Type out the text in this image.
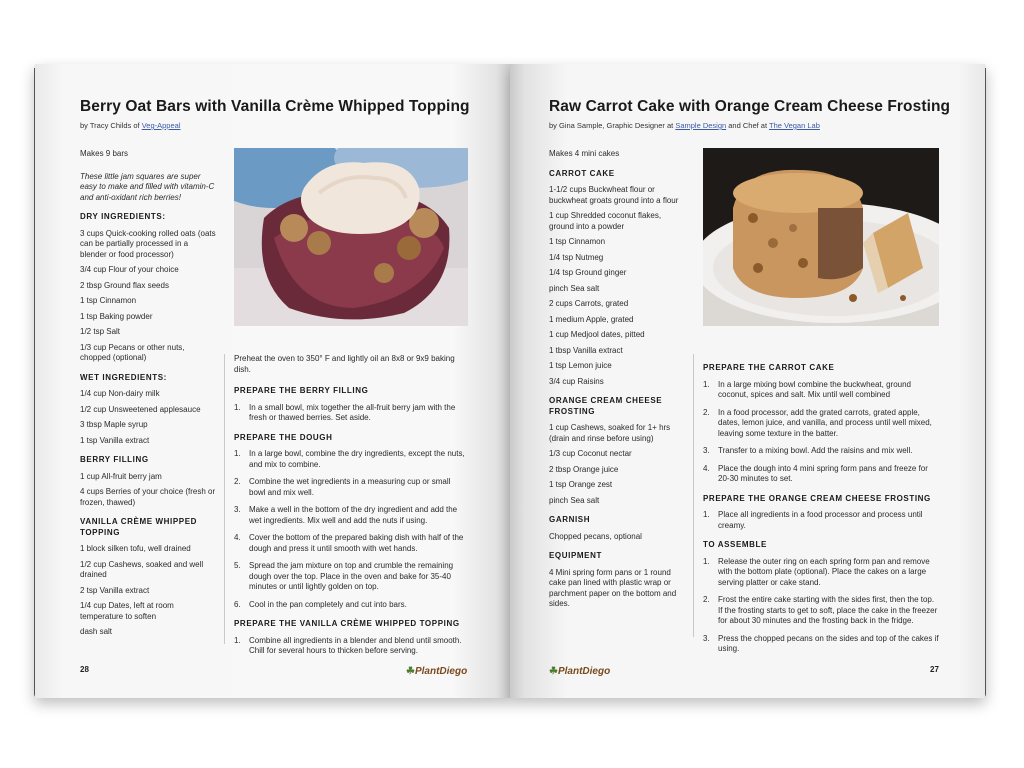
Berry Oat Bars with Vanilla Crème Whipped Topping
by Tracy Childs of Veg-Appeal

Makes 9 bars

These little jam squares are super easy to make and filled with vitamin-C and anti-oxidant rich berries!

DRY INGREDIENTS:

3 cups Quick-cooking rolled oats (oats can be partially processed in a blender or food processor)

3/4 cup Flour of your choice

2 tbsp Ground flax seeds

1 tsp Cinnamon

1 tsp Baking powder

1/2 tsp Salt

1/3 cup Pecans or other nuts, chopped (optional)

WET INGREDIENTS:

1/4 cup Non-dairy milk

1/2 cup Unsweetened applesauce

3 tbsp Maple syrup

1 tsp Vanilla extract

BERRY FILLING

1 cup All-fruit berry jam

4 cups Berries of your choice (fresh or frozen, thawed)

VANILLA CRÈME WHIPPED TOPPING

1 block silken tofu, well drained

1/2 cup Cashews, soaked and well drained

2 tsp Vanilla extract

1/4 cup Dates, left at room temperature to soften

dash salt

Preheat the oven to 350° F and lightly oil an 8x8 or 9x9 baking dish.

PREPARE THE BERRY FILLING
1. In a small bowl, mix together the all-fruit berry jam with the fresh or thawed berries. Set aside.
PREPARE THE DOUGH
1. In a large bowl, combine the dry ingredients, except the nuts, and mix to combine.
2. Combine the wet ingredients in a measuring cup or small bowl and mix well.
3. Make a well in the bottom of the dry ingredient and add the wet ingredients. Mix well and add the nuts if using.
4. Cover the bottom of the prepared baking dish with half of the dough and press it until smooth with wet hands.
5. Spread the jam mixture on top and crumble the remaining dough over the top. Place in the oven and bake for 35-40 minutes or until lightly golden on top.
6. Cool in the pan completely and cut into bars.
PREPARE THE VANILLA CRÈME WHIPPED TOPPING
1. Combine all ingredients in a blender and blend until smooth. Chill for several hours to thicken before serving.
28	☘PlantDiego
Raw Carrot Cake with Orange Cream Cheese Frosting
by Gina Sample, Graphic Designer at Sample Design and Chef at The Vegan Lab

Makes 4 mini cakes

CARROT CAKE

1-1/2 cups Buckwheat flour or buckwheat groats ground into a flour

1 cup Shredded coconut flakes, ground into a powder

1 tsp Cinnamon

1/4 tsp Nutmeg

1/4 tsp Ground ginger

pinch Sea salt

2 cups Carrots, grated

1 medium Apple, grated

1 cup Medjool dates, pitted

1 tbsp Vanilla extract

1 tsp Lemon juice

3/4 cup Raisins

ORANGE CREAM CHEESE FROSTING

1 cup Cashews, soaked for 1+ hrs (drain and rinse before using)

1/3 cup Coconut nectar

2 tbsp Orange juice

1 tsp Orange zest

pinch Sea salt

GARNISH

Chopped pecans, optional

EQUIPMENT

4 Mini spring form pans or 1 round cake pan lined with plastic wrap or parchment paper on the bottom and sides.

PREPARE THE CARROT CAKE
1. In a large mixing bowl combine the buckwheat, ground coconut, spices and salt. Mix until well combined
2. In a food processor, add the grated carrots, grated apple, dates, lemon juice, and vanilla, and process until well mixed, leaving some texture in the batter.
3. Transfer to a mixing bowl. Add the raisins and mix well.
4. Place the dough into 4 mini spring form pans and freeze for 20-30 minutes to set.
PREPARE THE ORANGE CREAM CHEESE FROSTING
1. Place all ingredients in a food processor and process until creamy.
TO ASSEMBLE
1. Release the outer ring on each spring form pan and remove with the bottom plate (optional). Place the cakes on a large serving platter or cake stand.
2. Frost the entire cake starting with the sides first, then the top. If the frosting starts to get to soft, place the cake in the freezer for about 30 minutes and the frosting back in the fridge.
3. Press the chopped pecans on the sides and top of the cakes if using.
☘PlantDiego	27
